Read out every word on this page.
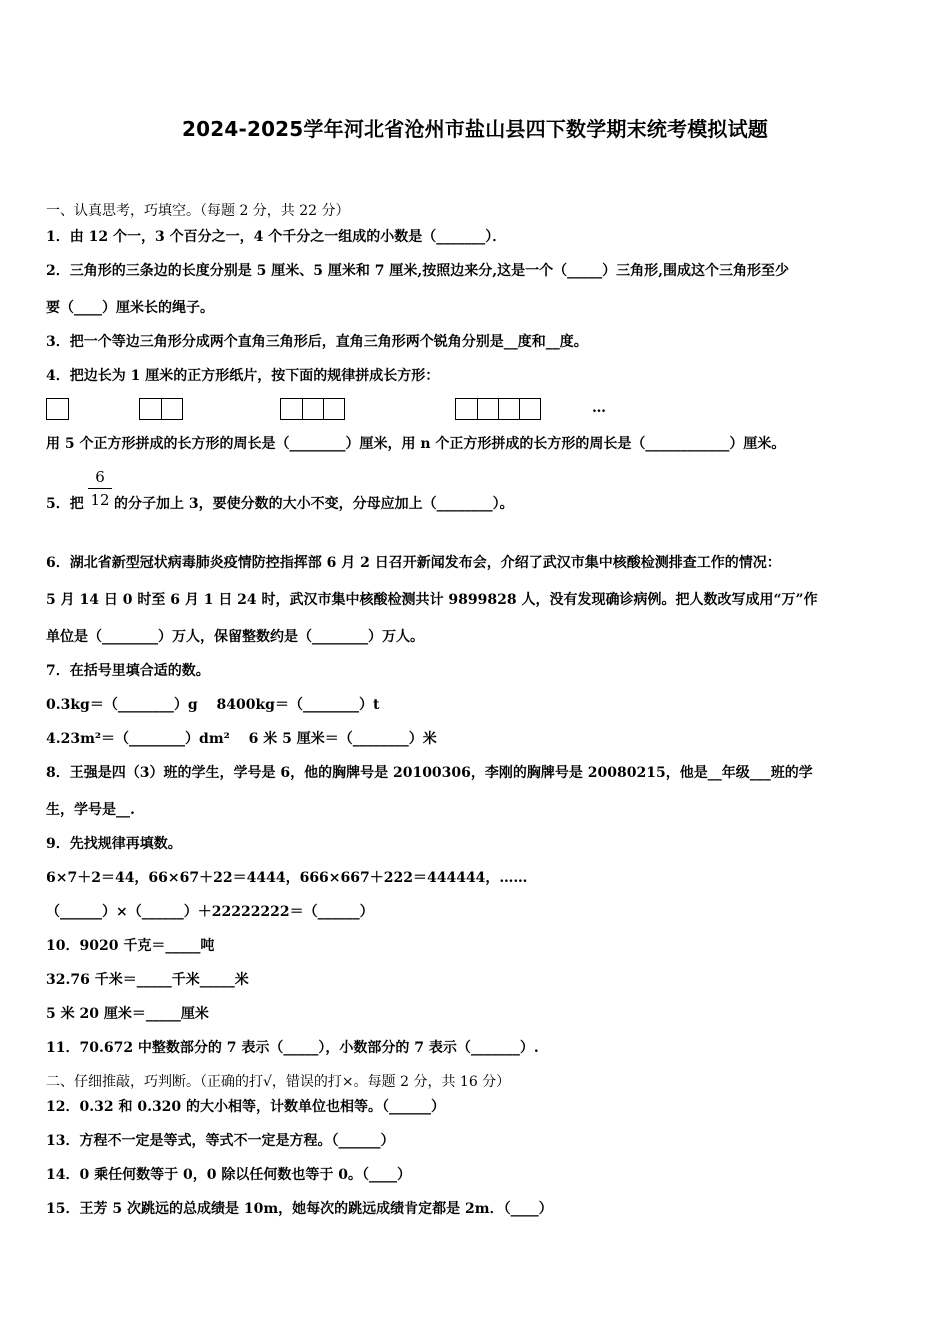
2024-2025学年河北省沧州市盐山县四下数学期末统考模拟试题
一、认真思考，巧填空。（每题 2 分，共 22 分）
1．由 12 个一，3 个百分之一，4 个千分之一组成的小数是（_______）．
2．三角形的三条边的长度分别是 5 厘米、5 厘米和 7 厘米,按照边来分,这是一个（_____）三角形,围成这个三角形至少
要（____）厘米长的绳子。
3．把一个等边三角形分成两个直角三角形后，直角三角形两个锐角分别是__度和__度。
4．把边长为 1 厘米的正方形纸片，按下面的规律拼成长方形：
…
用 5 个正方形拼成的长方形的周长是（________）厘米，用 n 个正方形拼成的长方形的周长是（____________）厘米。
6
12
5．把 的分子加上 3，要使分数的大小不变，分母应加上（________）。
6．湖北省新型冠状病毒肺炎疫情防控指挥部 6 月 2 日召开新闻发布会，介绍了武汉市集中核酸检测排查工作的情况：
5 月 14 日 0 时至 6 月 1 日 24 时，武汉市集中核酸检测共计 9899828 人，没有发现确诊病例。把人数改写成用“万”作
单位是（________）万人，保留整数约是（________）万人。
7．在括号里填合适的数。
0.3kg＝（________）g　 8400kg＝（________）t
4.23m²＝（________）dm²　 6 米 5 厘米＝（________）米
8．王强是四（3）班的学生，学号是 6，他的胸牌号是 20100306，李刚的胸牌号是 20080215，他是__年级___班的学
生，学号是__.
9．先找规律再填数。
6×7＋2＝44，66×67＋22＝4444，666×667＋222＝444444，……
（______）×（______）＋22222222＝（______）
10．9020 千克＝_____吨
32.76 千米＝_____千米_____米
5 米 20 厘米＝_____厘米
11．70.672 中整数部分的 7 表示（_____），小数部分的 7 表示（_______）.
二、仔细推敲，巧判断。（正确的打√，错误的打×。每题 2 分，共 16 分）
12．0.32 和 0.320 的大小相等，计数单位也相等。（______）
13．方程不一定是等式，等式不一定是方程。（______）
14．0 乘任何数等于 0，0 除以任何数也等于 0。（____）
15．王芳 5 次跳远的总成绩是 10m，她每次的跳远成绩肯定都是 2m．（____）
